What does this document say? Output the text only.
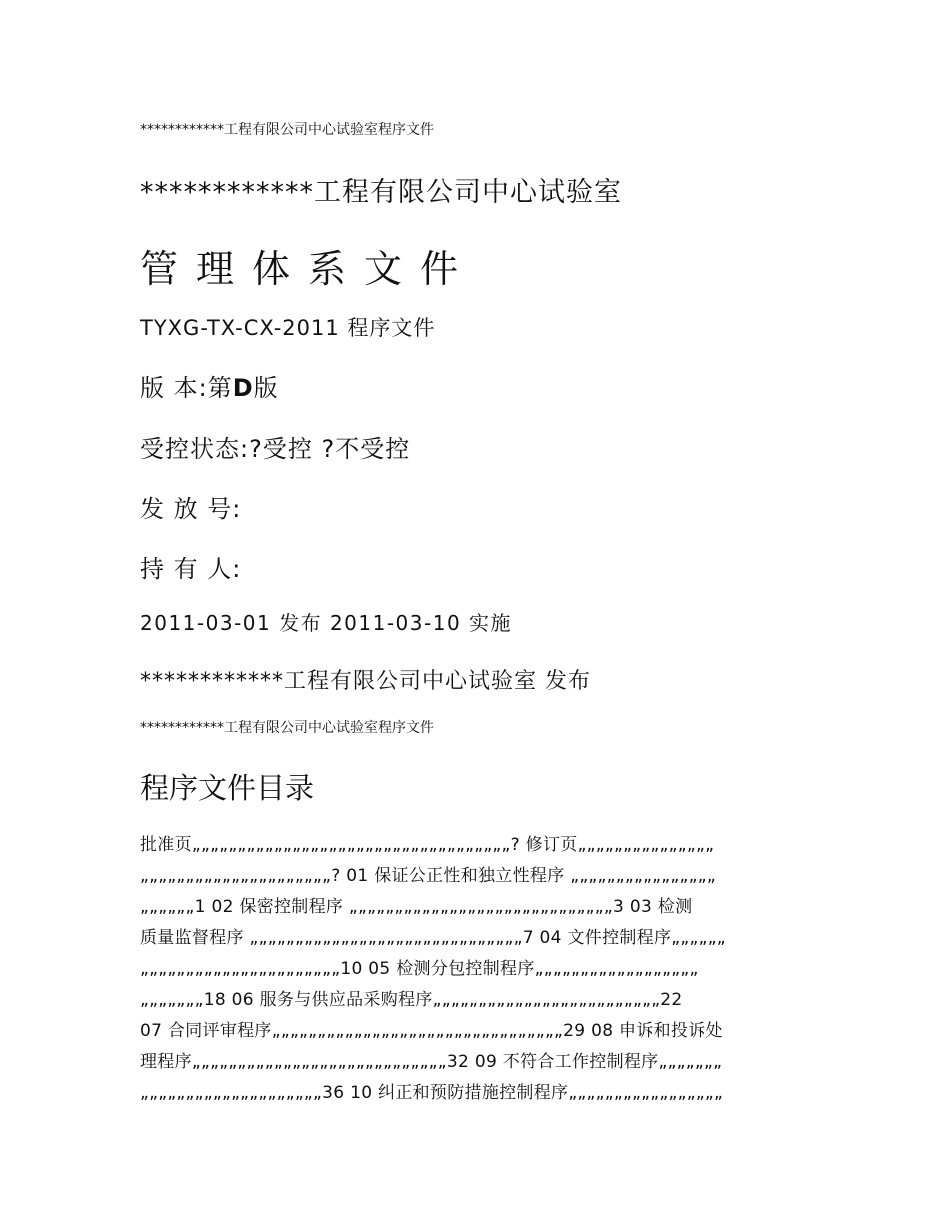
************工程有限公司中心试验室程序文件
************工程有限公司中心试验室
管理体系文件
TYXG-TX-CX-2011 程序文件
版 本:第D版
受控状态:?受控 ?不受控
发 放 号:
持 有 人:
2011-03-01 发布 2011-03-10 实施
************工程有限公司中心试验室 发布
************工程有限公司中心试验室程序文件
程序文件目录
批准页„„„„„„„„„„„„„„„„„„„„„„„„„„„„„„„„„„„? 修订页„„„„„„„„„„„„„„„
„„„„„„„„„„„„„„„„„„„„„? 01 保证公正性和独立性程序 „„„„„„„„„„„„„„„„
„„„„„„1 02 保密控制程序 „„„„„„„„„„„„„„„„„„„„„„„„„„„„„3 03 检测
质量监督程序 „„„„„„„„„„„„„„„„„„„„„„„„„„„„„„7 04 文件控制程序„„„„„„
„„„„„„„„„„„„„„„„„„„„„„10 05 检测分包控制程序„„„„„„„„„„„„„„„„„„
„„„„„„„18 06 服务与供应品采购程序„„„„„„„„„„„„„„„„„„„„„„„„„22
07 合同评审程序„„„„„„„„„„„„„„„„„„„„„„„„„„„„„„„„29 08 申诉和投诉处
理程序„„„„„„„„„„„„„„„„„„„„„„„„„„„„32 09 不符合工作控制程序„„„„„„„
„„„„„„„„„„„„„„„„„„„„36 10 纠正和预防措施控制程序„„„„„„„„„„„„„„„„„
